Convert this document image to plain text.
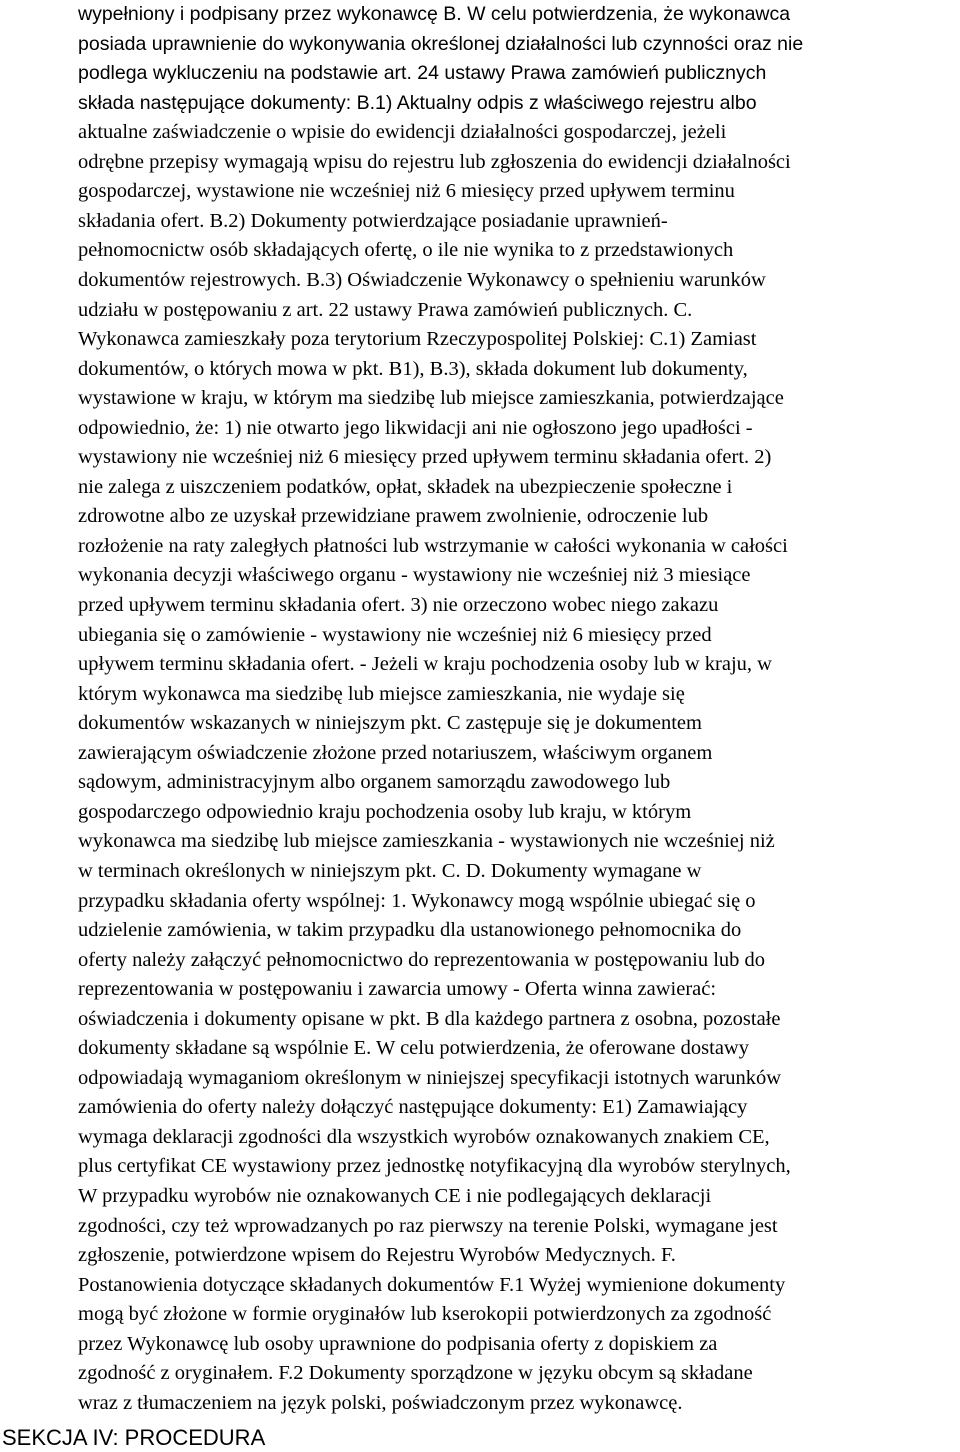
wypełniony i podpisany przez wykonawcę B. W celu potwierdzenia, że wykonawca
posiada uprawnienie do wykonywania określonej działalności lub czynności oraz nie
podlega wykluczeniu na podstawie art. 24 ustawy Prawa zamówień publicznych
składa następujące dokumenty: B.1) Aktualny odpis z właściwego rejestru albo
aktualne zaświadczenie o wpisie do ewidencji działalności gospodarczej, jeżeli
odrębne przepisy wymagają wpisu do rejestru lub zgłoszenia do ewidencji działalności
gospodarczej, wystawione nie wcześniej niż 6 miesięcy przed upływem terminu
składania ofert. B.2) Dokumenty potwierdzające posiadanie uprawnień-
pełnomocnictw osób składających ofertę, o ile nie wynika to z przedstawionych
dokumentów rejestrowych. B.3) Oświadczenie Wykonawcy o spełnieniu warunków
udziału w postępowaniu z art. 22 ustawy Prawa zamówień publicznych. C.
Wykonawca zamieszkały poza terytorium Rzeczypospolitej Polskiej: C.1) Zamiast
dokumentów, o których mowa w pkt. B1), B.3), składa dokument lub dokumenty,
wystawione w kraju, w którym ma siedzibę lub miejsce zamieszkania, potwierdzające
odpowiednio, że: 1) nie otwarto jego likwidacji ani nie ogłoszono jego upadłości -
wystawiony nie wcześniej niż 6 miesięcy przed upływem terminu składania ofert. 2)
nie zalega z uiszczeniem podatków, opłat, składek na ubezpieczenie społeczne i
zdrowotne albo ze uzyskał przewidziane prawem zwolnienie, odroczenie lub
rozłożenie na raty zaległych płatności lub wstrzymanie w całości wykonania w całości
wykonania decyzji właściwego organu - wystawiony nie wcześniej niż 3 miesiące
przed upływem terminu składania ofert. 3) nie orzeczono wobec niego zakazu
ubiegania się o zamówienie - wystawiony nie wcześniej niż 6 miesięcy przed
upływem terminu składania ofert. - Jeżeli w kraju pochodzenia osoby lub w kraju, w
którym wykonawca ma siedzibę lub miejsce zamieszkania, nie wydaje się
dokumentów wskazanych w niniejszym pkt. C zastępuje się je dokumentem
zawierającym oświadczenie złożone przed notariuszem, właściwym organem
sądowym, administracyjnym albo organem samorządu zawodowego lub
gospodarczego odpowiednio kraju pochodzenia osoby lub kraju, w którym
wykonawca ma siedzibę lub miejsce zamieszkania - wystawionych nie wcześniej niż
w terminach określonych w niniejszym pkt. C. D. Dokumenty wymagane w
przypadku składania oferty wspólnej: 1. Wykonawcy mogą wspólnie ubiegać się o
udzielenie zamówienia, w takim przypadku dla ustanowionego pełnomocnika do
oferty należy załączyć pełnomocnictwo do reprezentowania w postępowaniu lub do
reprezentowania w postępowaniu i zawarcia umowy - Oferta winna zawierać:
oświadczenia i dokumenty opisane w pkt. B dla każdego partnera z osobna, pozostałe
dokumenty składane są wspólnie E. W celu potwierdzenia, że oferowane dostawy
odpowiadają wymaganiom określonym w niniejszej specyfikacji istotnych warunków
zamówienia do oferty należy dołączyć następujące dokumenty: E1) Zamawiający
wymaga deklaracji zgodności dla wszystkich wyrobów oznakowanych znakiem CE,
plus certyfikat CE wystawiony przez jednostkę notyfikacyjną dla wyrobów sterylnych,
W przypadku wyrobów nie oznakowanych CE i nie podlegających deklaracji
zgodności, czy też wprowadzanych po raz pierwszy na terenie Polski, wymagane jest
zgłoszenie, potwierdzone wpisem do Rejestru Wyrobów Medycznych. F.
Postanowienia dotyczące składanych dokumentów F.1 Wyżej wymienione dokumenty
mogą być złożone w formie oryginałów lub kserokopii potwierdzonych za zgodność
przez Wykonawcę lub osoby uprawnione do podpisania oferty z dopiskiem za
zgodność z oryginałem. F.2 Dokumenty sporządzone w języku obcym są składane
wraz z tłumaczeniem na język polski, poświadczonym przez wykonawcę.
SEKCJA IV: PROCEDURA
